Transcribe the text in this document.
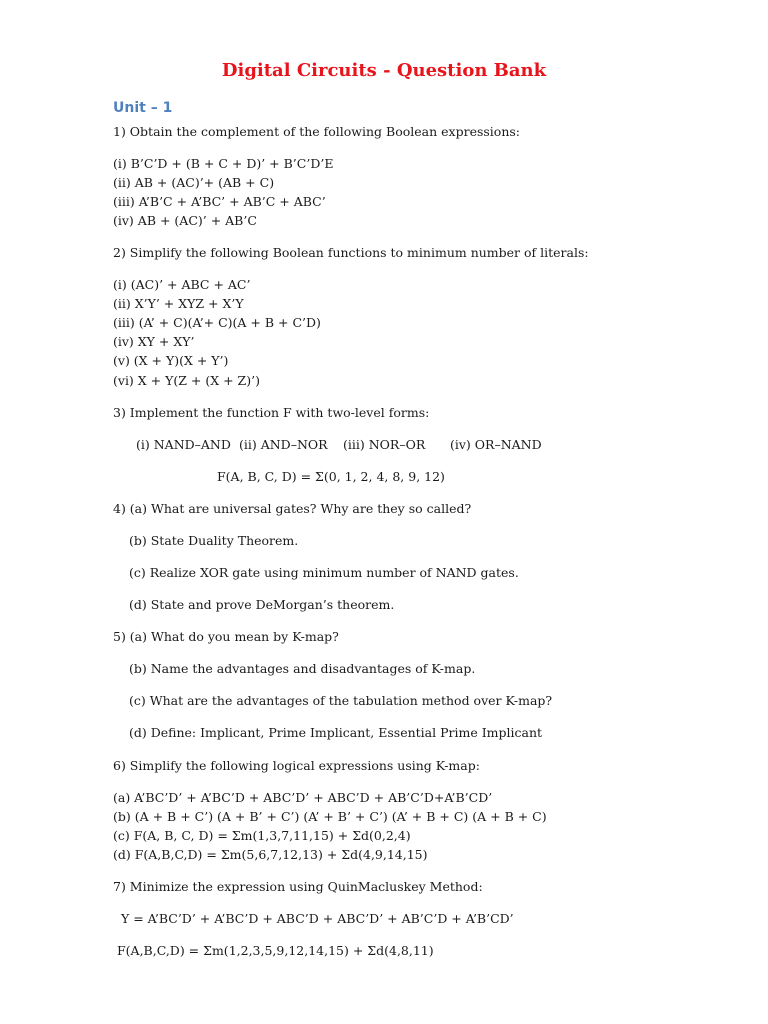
Digital Circuits - Question Bank
Unit – 1
1) Obtain the complement of the following Boolean expressions:
(i) B’C’D + (B + C + D)’ + B’C’D’E
(ii) AB + (AC)’+ (AB + C)
(iii) A’B’C + A’BC’ + AB’C + ABC’
(iv) AB + (AC)’ + AB’C
2) Simplify the following Boolean functions to minimum number of literals:
(i) (AC)’ + ABC + AC’
(ii) X’Y’ + XYZ + X’Y
(iii) (A’ + C)(A’+ C)(A + B + C’D)
(iv) XY + XY’
(v) (X + Y)(X + Y’)
(vi) X + Y(Z + (X + Z)’)
3) Implement the function F with two-level forms:
(i) NAND–AND (ii) AND–NOR (iii) NOR–OR (iv) OR–NAND
F(A, B, C, D) = Σ(0, 1, 2, 4, 8, 9, 12)
4) (a) What are universal gates? Why are they so called?
(b) State Duality Theorem.
(c) Realize XOR gate using minimum number of NAND gates.
(d) State and prove DeMorgan’s theorem.
5) (a) What do you mean by K-map?
(b) Name the advantages and disadvantages of K-map.
(c) What are the advantages of the tabulation method over K-map?
(d) Define: Implicant, Prime Implicant, Essential Prime Implicant
6) Simplify the following logical expressions using K-map:
(a) A’BC’D’ + A’BC’D + ABC’D’ + ABC’D + AB’C’D+A’B’CD’
(b) (A + B + C’) (A + B’ + C’) (A’ + B’ + C’) (A’ + B + C) (A + B + C)
(c) F(A, B, C, D) = Σm(1,3,7,11,15) + Σd(0,2,4)
(d) F(A,B,C,D) = Σm(5,6,7,12,13) + Σd(4,9,14,15)
7) Minimize the expression using QuinMacluskey Method:
Y = A’BC’D’ + A’BC’D + ABC’D + ABC’D’ + AB’C’D + A’B’CD’
F(A,B,C,D) = Σm(1,2,3,5,9,12,14,15) + Σd(4,8,11)
